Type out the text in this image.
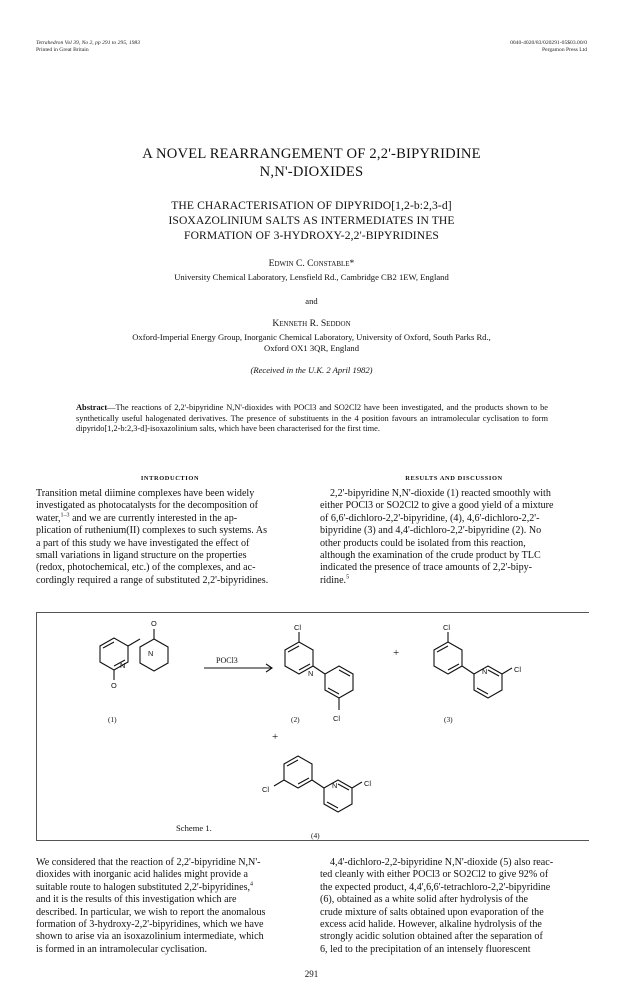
Tetrahedron Vol 39, No 2, pp 291 to 295, 1983
Printed in Great Britain
0040-4020/83/020291-05$03.00/0
Pergamon Press Ltd
A NOVEL REARRANGEMENT OF 2,2'-BIPYRIDINE
N,N'-DIOXIDES
THE CHARACTERISATION OF DIPYRIDO[1,2-b:2,3-d]
ISOXAZOLINIUM SALTS AS INTERMEDIATES IN THE
FORMATION OF 3-HYDROXY-2,2'-BIPYRIDINES
Edwin C. Constable*
University Chemical Laboratory, Lensfield Rd., Cambridge CB2 1EW, England
and
Kenneth R. Seddon
Oxford-Imperial Energy Group, Inorganic Chemical Laboratory, University of Oxford, South Parks Rd.,
Oxford OX1 3QR, England
(Received in the U.K. 2 April 1982)
Abstract—The reactions of 2,2'-bipyridine N,N'-dioxides with POCl3 and SO2Cl2 have been investigated, and the products shown to be synthetically useful halogenated derivatives. The presence of substituents in the 4 position favours an intramolecular cyclisation to form dipyrido[1,2-b:2,3-d]-isoxazolinium salts, which have been characterised for the first time.
INTRODUCTION	RESULTS AND DISCUSSION
Transition metal diimine complexes have been widely
investigated as photocatalysts for the decomposition of
water,$^{1-3}$ and we are currently interested in the ap-
plication of ruthenium(II) complexes to such systems. As
a part of this study we have investigated the effect of
small variations in ligand structure on the properties
(redox, photochemical, etc.) of the complexes, and ac-
cordingly required a range of substituted 2,2'-bipyridines.
2,2'-bipyridine N,N'-dioxide (1) reacted smoothly with
either POCl3 or SO2Cl2 to give a good yield of a mixture
of 6,6'-dichloro-2,2'-bipyridine, (4), 4,6'-dichloro-2,2'-
bipyridine (3) and 4,4'-dichloro-2,2'-bipyridine (2). No
other products could be isolated from this reaction,
although the examination of the crude product by TLC
indicated the presence of trace amounts of 2,2'-bipy-
ridine.$^5$
N
O
N
O	Cl
N
Cl
Cl
N	Cl
Cl	N	Cl
POCl3
+
+
(1)	(2)	(3)
(4)
Scheme 1.
We considered that the reaction of 2,2'-bipyridine N,N'-
dioxides with inorganic acid halides might provide a
suitable route to halogen substituted 2,2'-bipyridines,$^4$
and it is the results of this investigation which are
described. In particular, we wish to report the anomalous
formation of 3-hydroxy-2,2'-bipyridines, which we have
shown to arise via an isoxazolinium intermediate, which
is formed in an intramolecular cyclisation.
4,4'-dichloro-2,2-bipyridine N,N'-dioxide (5) also reac-
ted cleanly with either POCl3 or SO2Cl2 to give 92% of
the expected product, 4,4',6,6'-tetrachloro-2,2'-bipyridine
(6), obtained as a white solid after hydrolysis of the
crude mixture of salts obtained upon evaporation of the
excess acid halide. However, alkaline hydrolysis of the
strongly acidic solution obtained after the separation of
6, led to the precipitation of an intensely fluorescent
291
